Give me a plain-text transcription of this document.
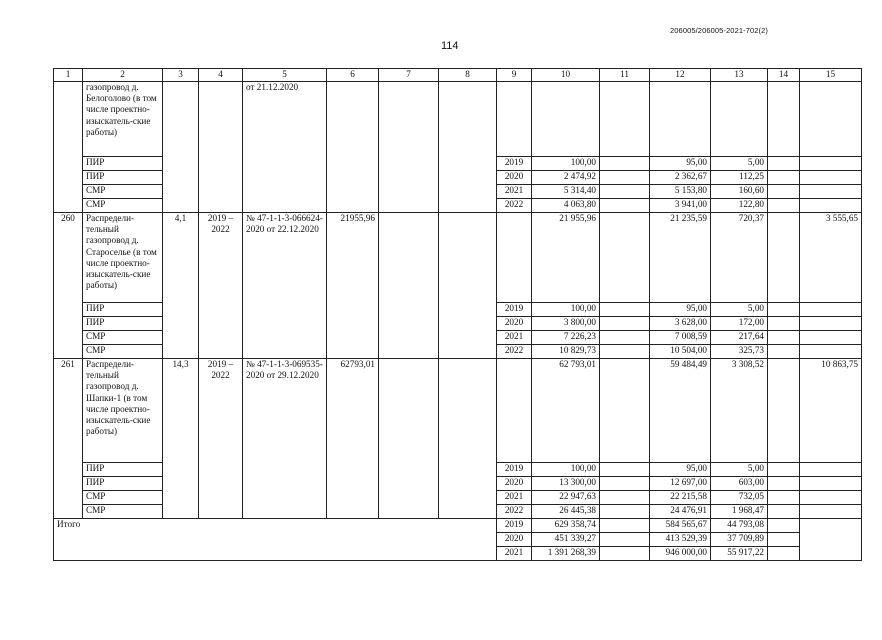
206005/206005-2021-702(2)
114
1	2	3	4	5	6	7	8	9	10	11	12	13	14	15
	газопровод д. Белоголово (в том числе проектно-изыскатель-ские работы)			от 21.12.2020										
	ПИР							2019	100,00		95,00	5,00		
	ПИР							2020	2 474,92		2 362,67	112,25		
	СМР							2021	5 314,40		5 153,80	160,60		
	СМР							2022	4 063,80		3 941,00	122,80		
260	Распредели-тельный газопровод д. Староселье (в том числе проектно-изыскатель-ские работы)	4,1	2019 – 2022	№ 47-1-1-3-066624-2020 от 22.12.2020	21955,96				21 955,96		21 235,59	720,37		3 555,65
	ПИР							2019	100,00		95,00	5,00		
	ПИР							2020	3 800,00		3 628,00	172,00		
	СМР							2021	7 226,23		7 008,59	217,64		
	СМР							2022	10 829,73		10 504,00	325,73		
261	Распредели-тельный газопровод д. Шапки-1 (в том числе проектно-изыскатель-ские работы)	14,3	2019 – 2022	№ 47-1-1-3-069535-2020 от 29.12.2020	62793,01				62 793,01		59 484,49	3 308,52		10 863,75
	ПИР							2019	100,00		95,00	5,00		
	ПИР							2020	13 300,00		12 697,00	603,00		
	СМР							2021	22 947,63		22 215,58	732,05		
	СМР							2022	26 445,38		24 476,91	1 968,47		
Итого								2019	629 358,74		584 565,67	44 793,08		
								2020	451 339,27		413 529,39	37 709,89		
								2021	1 391 268,39		946 000,00	55 917,22		
